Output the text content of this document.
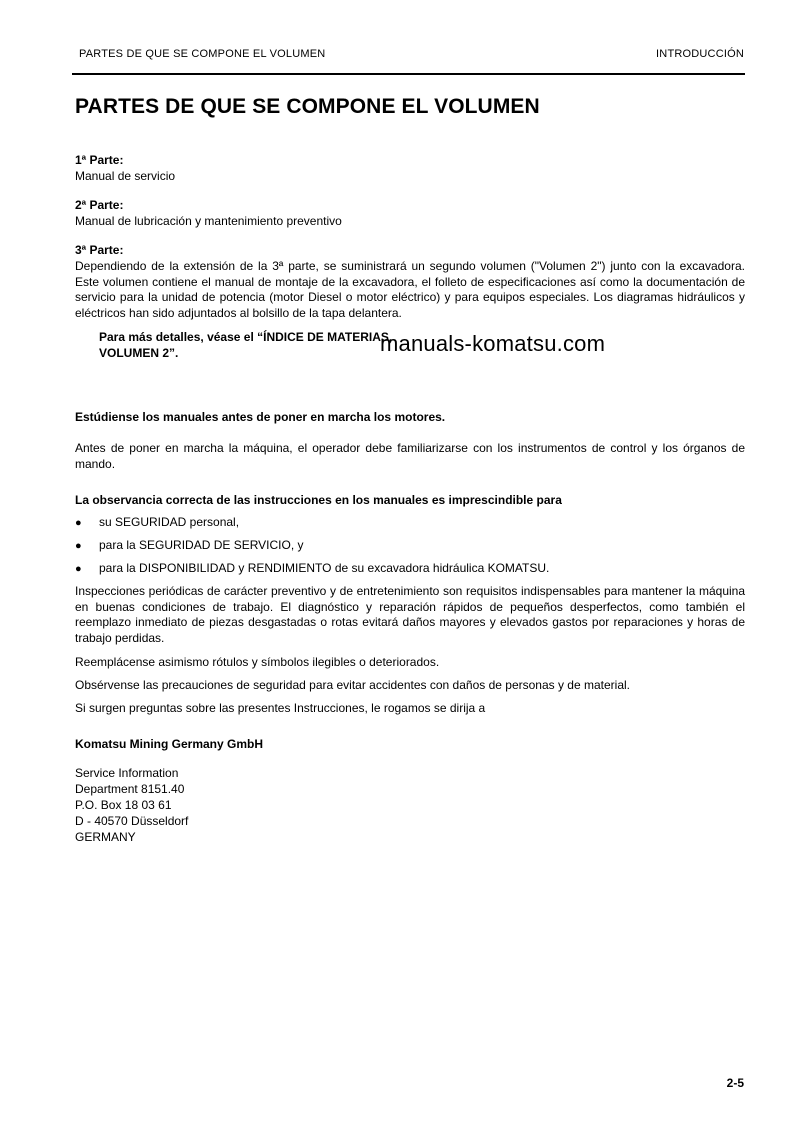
PARTES DE QUE SE COMPONE EL VOLUMEN	INTRODUCCIÓN
PARTES DE QUE SE COMPONE EL VOLUMEN
1ª Parte:
Manual de servicio
2ª Parte:
Manual de lubricación y mantenimiento preventivo
3ª Parte:
Dependiendo de la extensión de la 3ª parte, se suministrará un segundo volumen ("Volumen 2") junto con la excavadora. Este volumen contiene el manual de montaje de la excavadora, el folleto de especificaciones así como la documentación de servicio para la unidad de potencia (motor Diesel o motor eléctrico) y para equipos especiales. Los diagramas hidráulicos y eléctricos han sido adjuntados al bolsillo de la tapa delantera.
Para más detalles, véase el “ÍNDICE DE MATERIAS,
VOLUMEN 2”.	manuals-komatsu.com
Estúdiense los manuales antes de poner en marcha los motores.
Antes de poner en marcha la máquina, el operador debe familiarizarse con los instrumentos de control y los órganos de mando.
La observancia correcta de las instrucciones en los manuales es imprescindible para
● su SEGURIDAD personal,
● para la SEGURIDAD DE SERVICIO, y
● para la DISPONIBILIDAD y RENDIMIENTO de su excavadora hidráulica KOMATSU.
Inspecciones periódicas de carácter preventivo y de entretenimiento son requisitos indispensables para mantener la máquina en buenas condiciones de trabajo. El diagnóstico y reparación rápidos de pequeños desperfectos, como también el reemplazo inmediato de piezas desgastadas o rotas evitará daños mayores y elevados gastos por reparaciones y horas de trabajo perdidas.
Reemplácense asimismo rótulos y símbolos ilegibles o deteriorados.
Obsérvense las precauciones de seguridad para evitar accidentes con daños de personas y de material.
Si surgen preguntas sobre las presentes Instrucciones, le rogamos se dirija a
Komatsu Mining Germany GmbH
Service Information
Department 8151.40
P.O. Box 18 03 61
D - 40570 Düsseldorf
GERMANY
2-5
